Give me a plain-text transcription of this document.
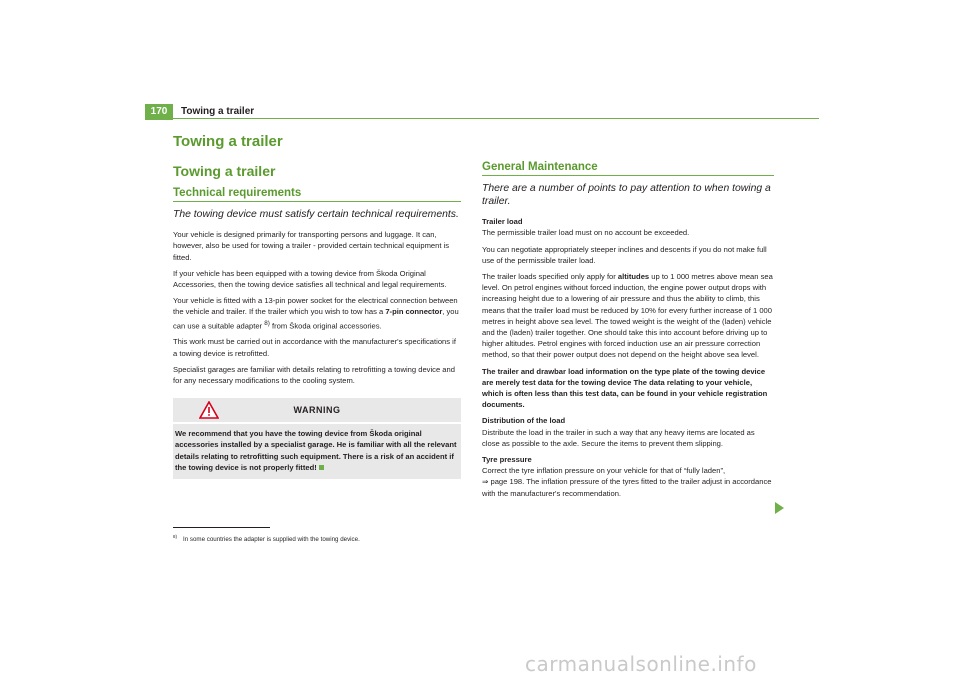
170	Towing a trailer
Towing a trailer
Towing a trailer
Technical requirements
The towing device must satisfy certain technical requirements.

Your vehicle is designed primarily for transporting persons and luggage. It can, however, also be used for towing a trailer - provided certain technical equipment is fitted.

If your vehicle has been equipped with a towing device from Škoda Original Accessories, then the towing device satisfies all technical and legal requirements.

Your vehicle is fitted with a 13-pin power socket for the electrical connection between the vehicle and trailer. If the trailer which you wish to tow has a 7-pin connector, you can use a suitable adapter $^{8)}$ from Škoda original accessories.

This work must be carried out in accordance with the manufacturer's specifications if a towing device is retrofitted.

Specialist garages are familiar with details relating to retrofitting a towing device and for any necessary modifications to the cooling system.

WARNING
We recommend that you have the towing device from Škoda original accessories installed by a specialist garage. He is familiar with all the relevant details relating to retrofitting such equipment. There is a risk of an accident if the towing device is not properly fitted!
General Maintenance
There are a number of points to pay attention to when towing a trailer.

Trailer load

The permissible trailer load must on no account be exceeded.

You can negotiate appropriately steeper inclines and descents if you do not make full use of the permissible trailer load.

The trailer loads specified only apply for altitudes up to 1 000 metres above mean sea level. On petrol engines without forced induction, the engine power output drops with increasing height due to a lowering of air pressure and thus the ability to climb, this means that the trailer load must be reduced by 10% for every further increase of 1 000 metres in height above sea level. The towed weight is the weight of the (laden) vehicle and the (laden) trailer together. One should take this into account before driving up to higher altitudes. Petrol engines with forced induction use an air pressure correction method, so that their power output does not depend on the height above sea level.

The trailer and drawbar load information on the type plate of the towing device are merely test data for the towing device The data relating to your vehicle, which is often less than this test data, can be found in your vehicle registration documents.

Distribution of the load

Distribute the load in the trailer in such a way that any heavy items are located as close as possible to the axle. Secure the items to prevent them slipping.

Tyre pressure

Correct the tyre inflation pressure on your vehicle for that of “fully laden”,
⇒ page 198. The inflation pressure of the tyres fitted to the trailer adjust in accordance with the manufacturer's recommendation.

$^{8)}$ In some countries the adapter is supplied with the towing device.
carmanualsonline.info
